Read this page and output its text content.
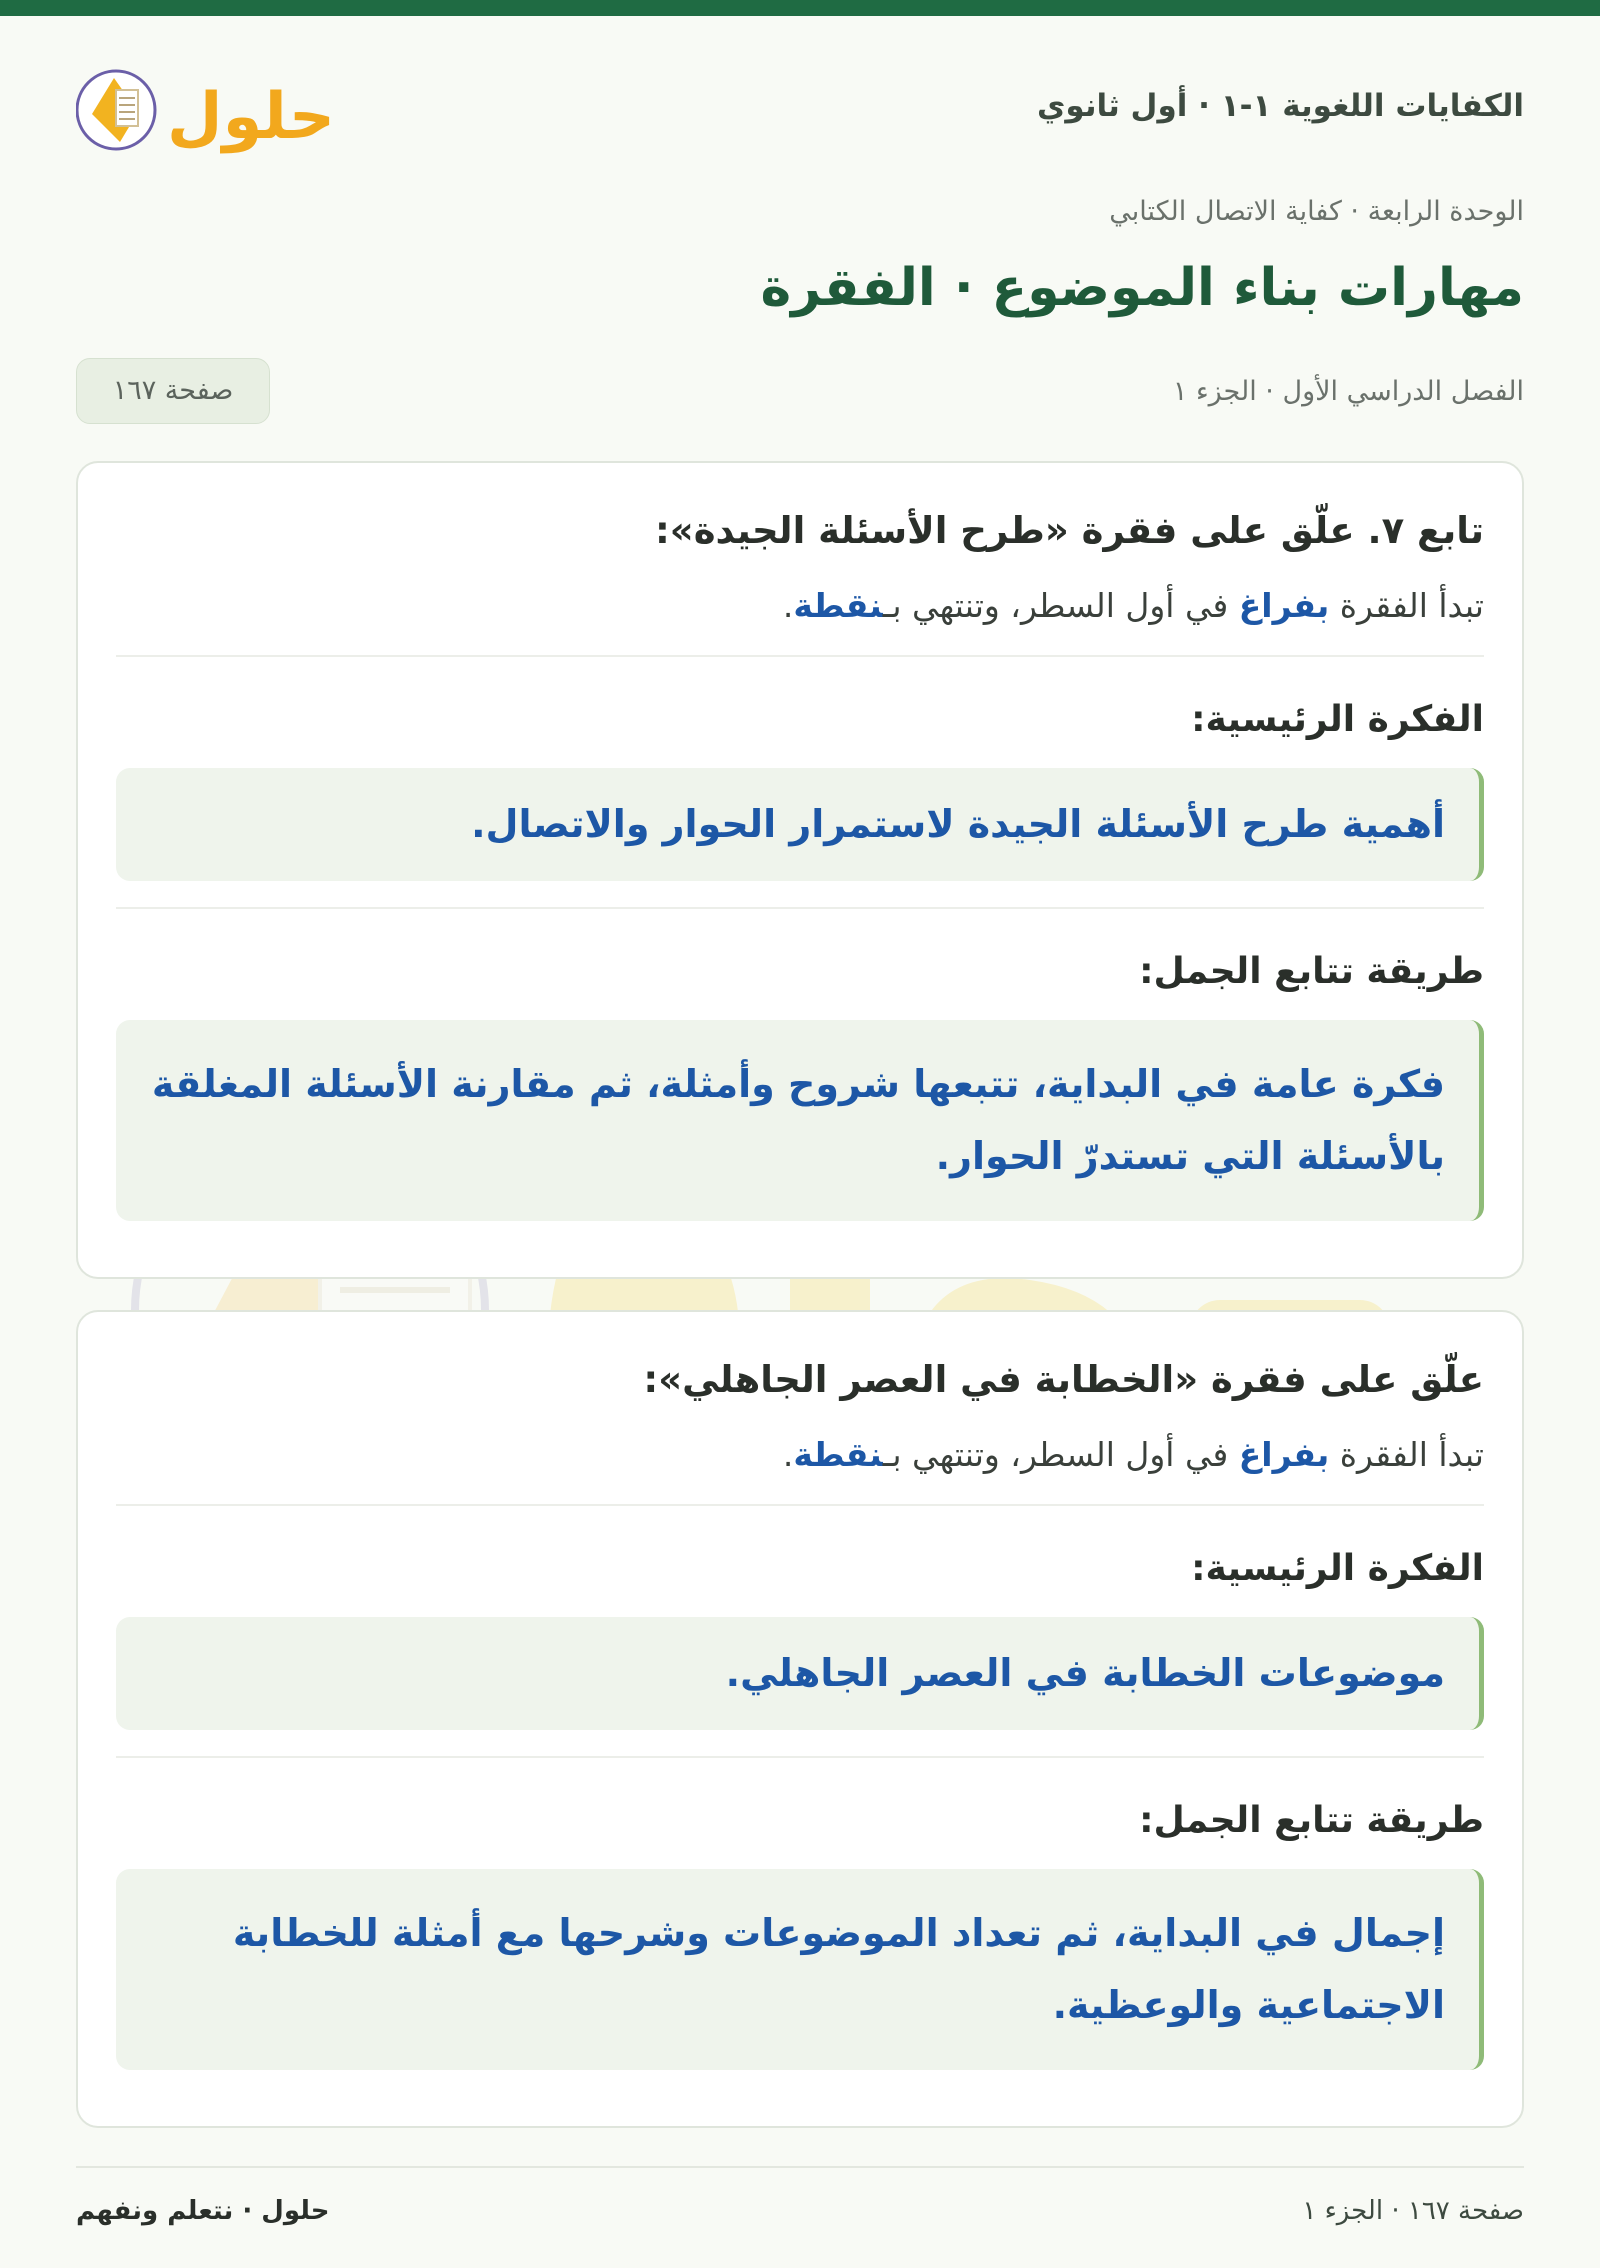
الكفايات اللغوية ١-١ · أول ثانوي
حلول
الوحدة الرابعة · كفاية الاتصال الكتابي
مهارات بناء الموضوع · الفقرة
الفصل الدراسي الأول · الجزء ١
صفحة ١٦٧
تابع ٧. علّق على فقرة «طرح الأسئلة الجيدة»:
تبدأ الفقرة بفراغ في أول السطر، وتنتهي بـنقطة.
الفكرة الرئيسية:
أهمية طرح الأسئلة الجيدة لاستمرار الحوار والاتصال.
طريقة تتابع الجمل:
فكرة عامة في البداية، تتبعها شروح وأمثلة، ثم مقارنة الأسئلة المغلقة بالأسئلة التي تستدرّ الحوار.
علّق على فقرة «الخطابة في العصر الجاهلي»:
تبدأ الفقرة بفراغ في أول السطر، وتنتهي بـنقطة.
الفكرة الرئيسية:
موضوعات الخطابة في العصر الجاهلي.
طريقة تتابع الجمل:
إجمال في البداية، ثم تعداد الموضوعات وشرحها مع أمثلة للخطابة الاجتماعية والوعظية.
صفحة ١٦٧ · الجزء ١
حلول · نتعلم ونفهم
